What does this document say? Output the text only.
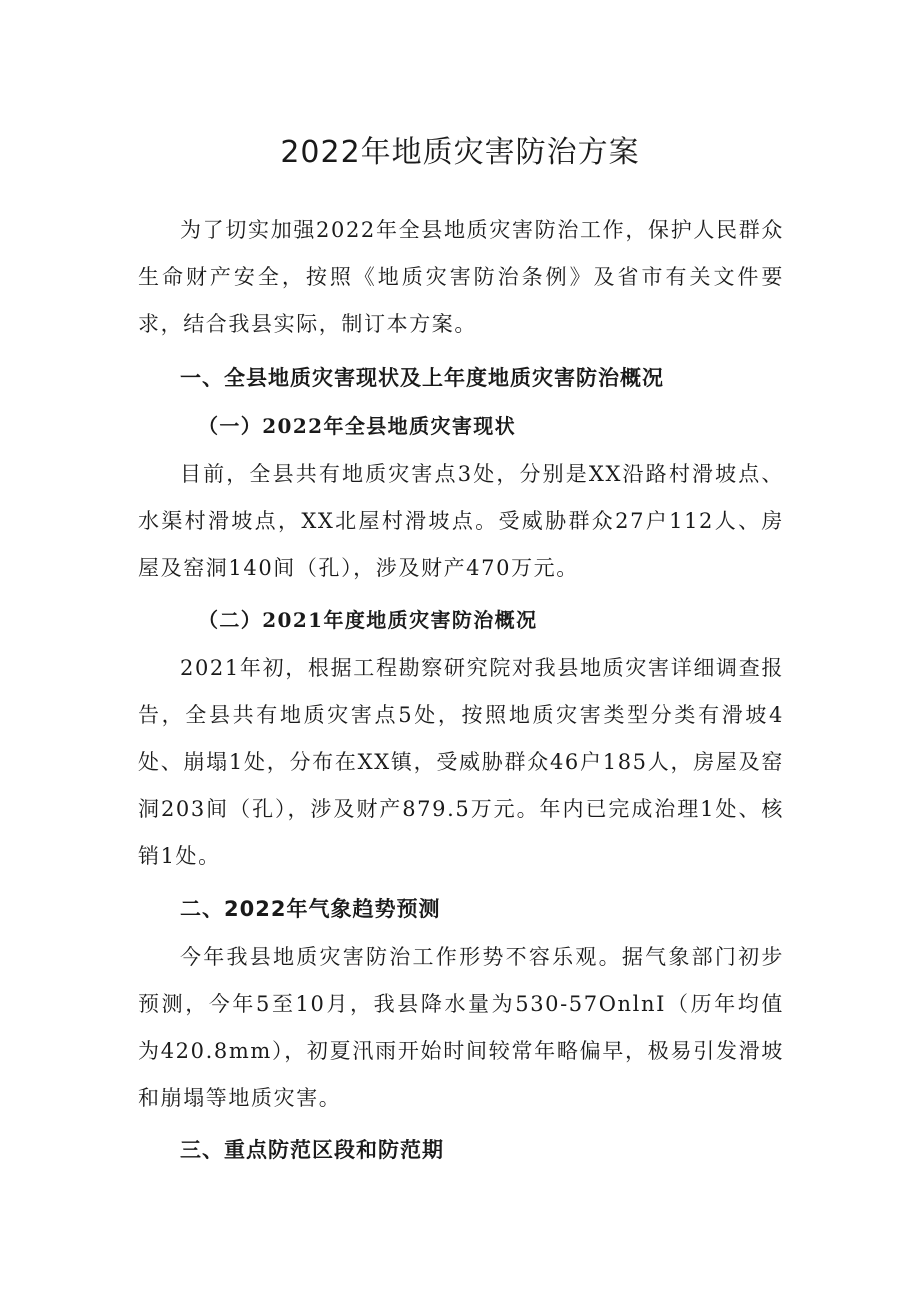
2022年地质灾害防治方案

为了切实加强2022年全县地质灾害防治工作，保护人民群众生命财产安全，按照《地质灾害防治条例》及省市有关文件要求，结合我县实际，制订本方案。

一、全县地质灾害现状及上年度地质灾害防治概况
（一）2022年全县地质灾害现状

目前，全县共有地质灾害点3处，分别是XX沿路村滑坡点、水渠村滑坡点，XX北屋村滑坡点。受威胁群众27户112人、房屋及窑洞140间（孔），涉及财产470万元。

（二）2021年度地质灾害防治概况

2021年初，根据工程勘察研究院对我县地质灾害详细调查报告，全县共有地质灾害点5处，按照地质灾害类型分类有滑坡4处、崩塌1处，分布在XX镇，受威胁群众46户185人，房屋及窑洞203间（孔），涉及财产879.5万元。年内已完成治理1处、核销1处。

二、2022年气象趋势预测

今年我县地质灾害防治工作形势不容乐观。据气象部门初步预测，今年5至10月，我县降水量为530-57OnlnI（历年均值为420.8mm），初夏汛雨开始时间较常年略偏早，极易引发滑坡和崩塌等地质灾害。

三、重点防范区段和防范期
